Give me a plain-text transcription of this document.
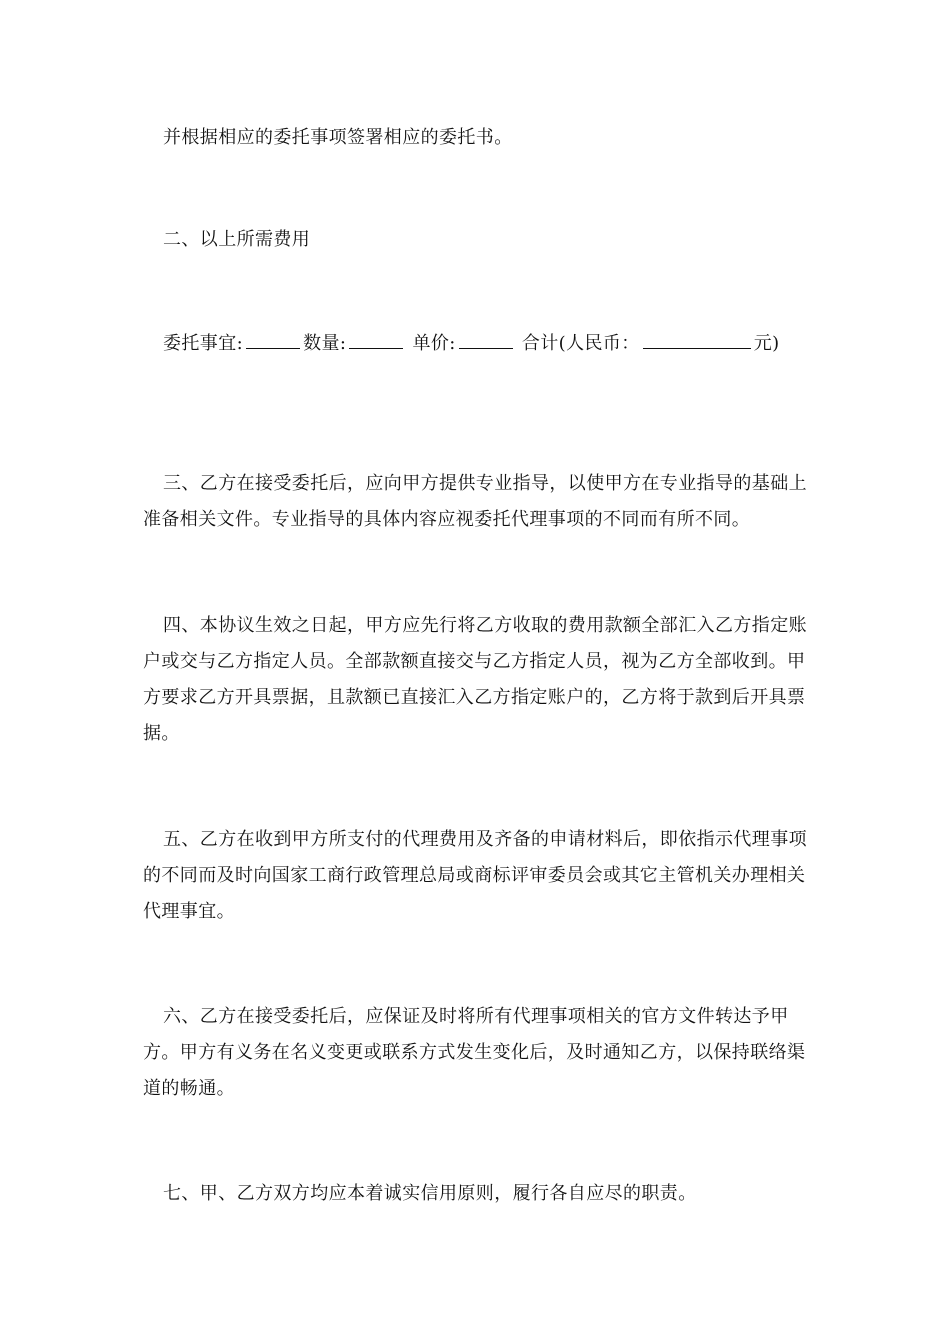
并根据相应的委托事项签署相应的委托书。

二、以上所需费用

委托事宜:	数量:	单价:	合计(人民币：	元)

三、乙方在接受委托后，应向甲方提供专业指导，以使甲方在专业指导的基础上准备相关文件。专业指导的具体内容应视委托代理事项的不同而有所不同。

四、本协议生效之日起，甲方应先行将乙方收取的费用款额全部汇入乙方指定账户或交与乙方指定人员。全部款额直接交与乙方指定人员，视为乙方全部收到。甲方要求乙方开具票据，且款额已直接汇入乙方指定账户的，乙方将于款到后开具票据。

五、乙方在收到甲方所支付的代理费用及齐备的申请材料后，即依指示代理事项的不同而及时向国家工商行政管理总局或商标评审委员会或其它主管机关办理相关代理事宜。

六、乙方在接受委托后，应保证及时将所有代理事项相关的官方文件转达予甲方。甲方有义务在名义变更或联系方式发生变化后，及时通知乙方，以保持联络渠道的畅通。

七、甲、乙方双方均应本着诚实信用原则，履行各自应尽的职责。
